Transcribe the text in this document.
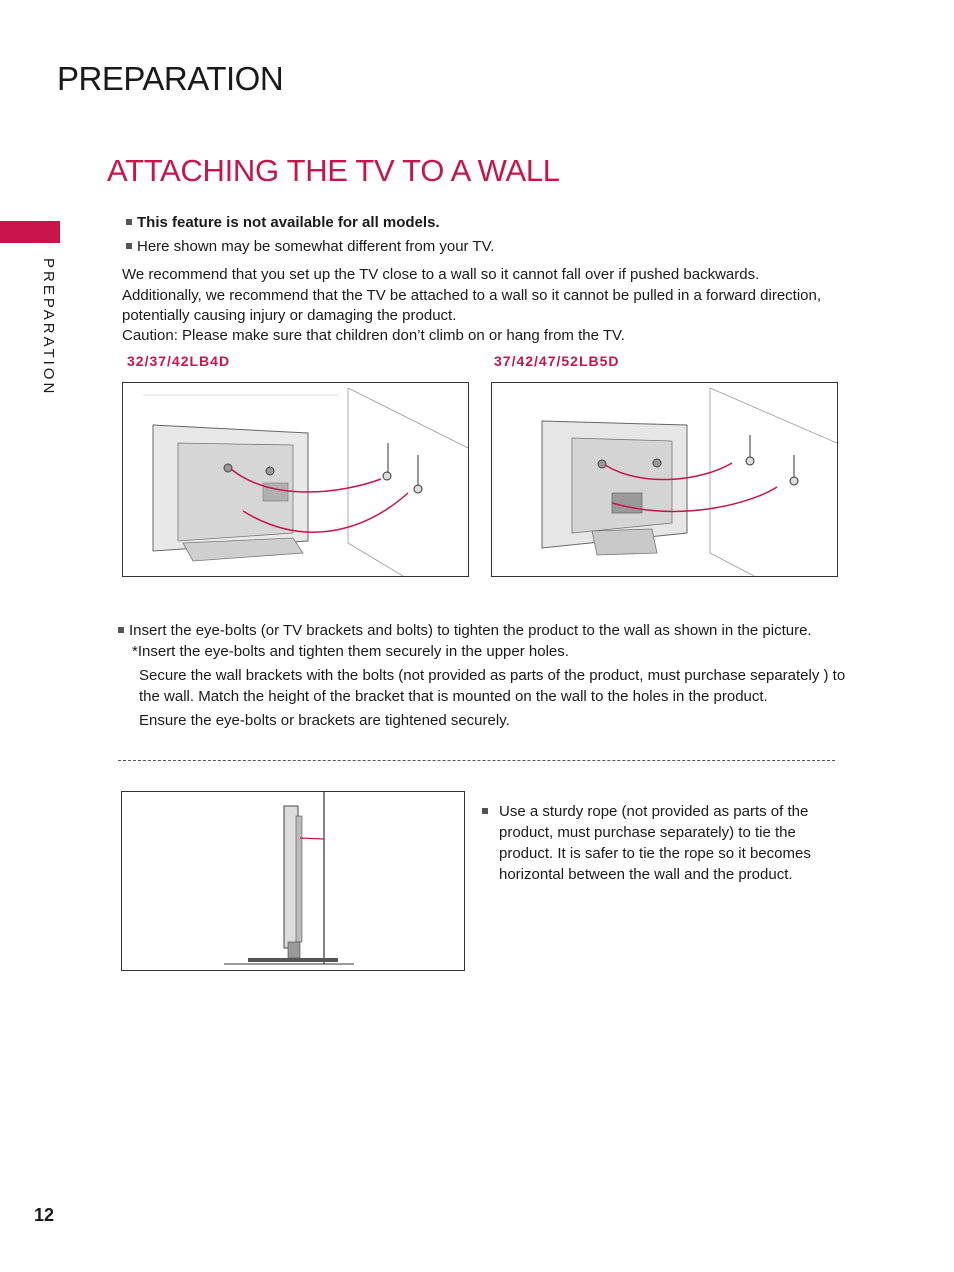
PREPARATION
PREPARATION
ATTACHING THE TV TO A WALL
This feature is not available for all models.
Here shown may be somewhat different from your TV.
We recommend that you set up the TV close to a wall so it cannot fall over if pushed backwards.
Additionally, we recommend that the TV be attached to a wall so it cannot be pulled in a forward direction,
potentially causing injury or damaging the product.
Caution: Please make sure that children don’t climb on or hang from the TV.
32/37/42LB4D	37/42/47/52LB5D
Insert the eye-bolts (or TV brackets and bolts) to tighten the product to the wall as shown in the picture.
*Insert the eye-bolts and tighten them securely in the upper holes.
Secure the wall brackets with the bolts (not provided as parts of the product, must purchase separately ) to
the wall. Match the height of the bracket that is mounted on the wall to the holes in the product.
Ensure the eye-bolts or brackets are tightened securely.
Use a sturdy rope (not provided as parts of the
product, must purchase separately) to tie the
product. It is safer to tie the rope so it becomes
horizontal between the wall and the product.
12
